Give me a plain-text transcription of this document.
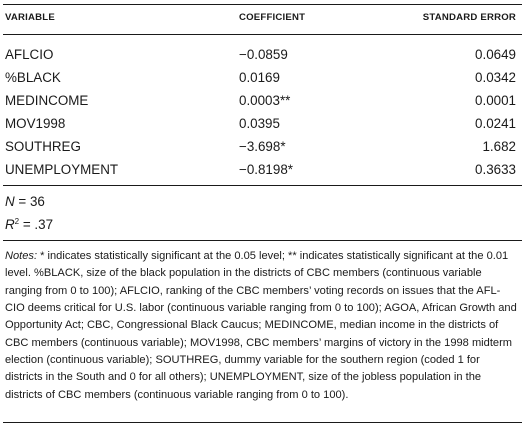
VARIABLE	COEFFICIENT	STANDARD ERROR
AFLCIO	−0.0859	0.0649
%BLACK	0.0169	0.0342
MEDINCOME	0.0003**	0.0001
MOV1998	0.0395	0.0241
SOUTHREG	−3.698*	1.682
UNEMPLOYMENT	−0.8198*	0.3633
N = 36
$R^2 = .37$
Notes: * indicates statistically significant at the 0.05 level; ** indicates statistically significant at the 0.01 level. %BLACK, size of the black population in the districts of CBC members (continuous variable ranging from 0 to 100); AFLCIO, ranking of the CBC members’ voting records on issues that the AFL-CIO deems critical for U.S. labor (continuous variable ranging from 0 to 100); AGOA, African Growth and Opportunity Act; CBC, Congressional Black Caucus; MEDINCOME, median income in the districts of CBC members (continuous variable); MOV1998, CBC members’ margins of victory in the 1998 midterm election (continuous variable); SOUTHREG, dummy variable for the southern region (coded 1 for districts in the South and 0 for all others); UNEMPLOYMENT, size of the jobless population in the districts of CBC members (continuous variable ranging from 0 to 100).
